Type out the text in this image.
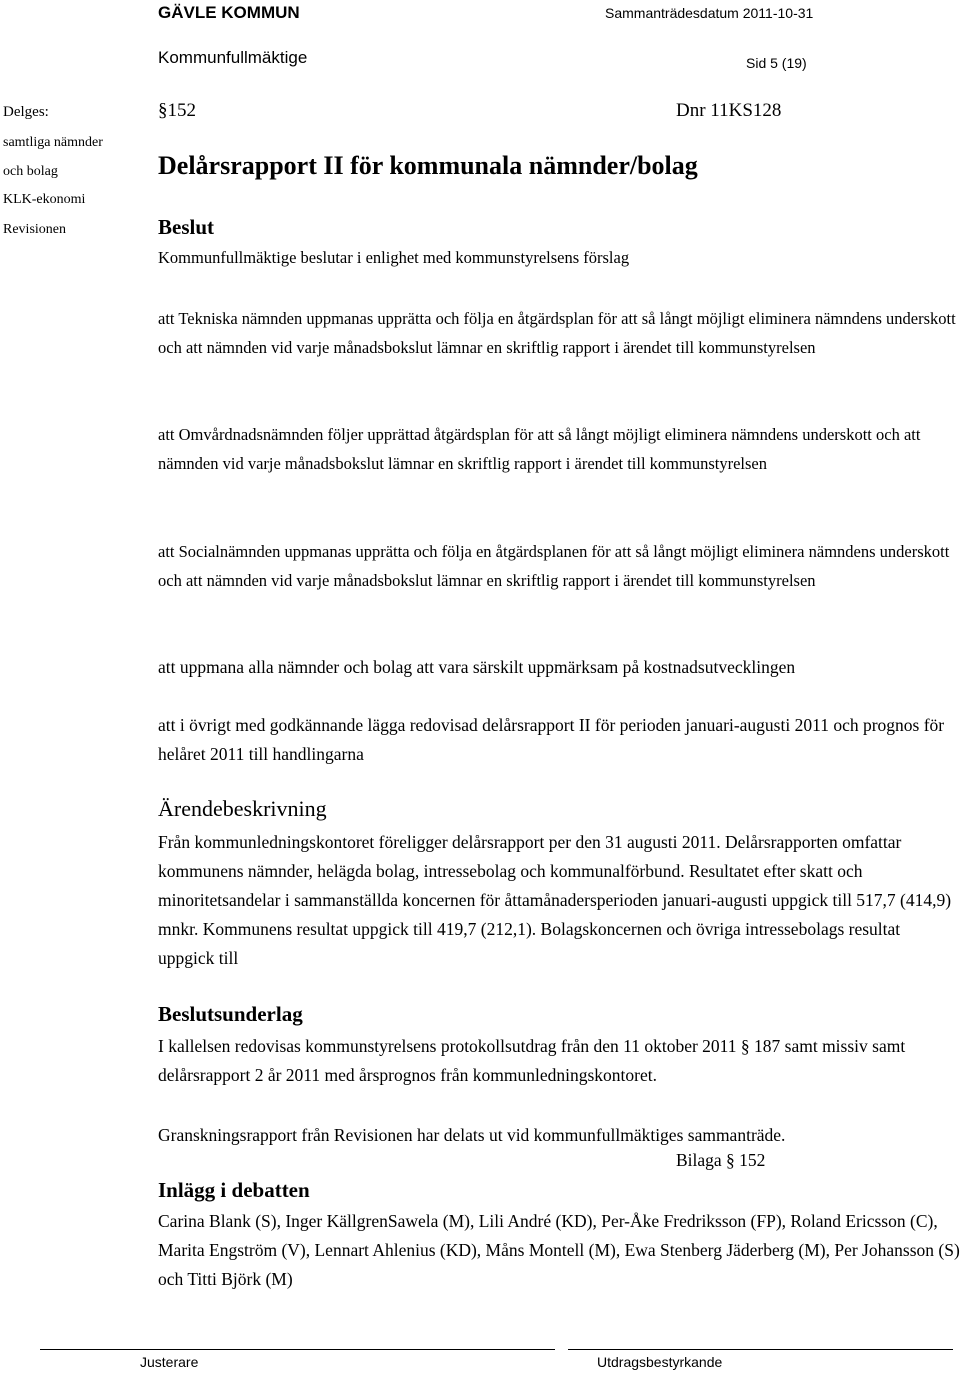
GÄVLE KOMMUN	Sammanträdesdatum 2011-10-31
Kommunfullmäktige	Sid 5 (19)
Delges:
samtliga nämnder
och bolag
KLK-ekonomi
Revisionen
§152	Dnr 11KS128
Delårsrapport II för kommunala nämnder/bolag
Beslut

Kommunfullmäktige beslutar i enlighet med kommunstyrelsens förslag

att Tekniska nämnden uppmanas upprätta och följa en åtgärdsplan för att så långt möjligt eliminera nämndens underskott och att nämnden vid varje månadsbokslut lämnar en skriftlig rapport i ärendet till kommunstyrelsen

att Omvårdnadsnämnden följer upprättad åtgärdsplan för att så långt möjligt eliminera nämndens underskott och att nämnden vid varje månadsbokslut lämnar en skriftlig rapport i ärendet till kommunstyrelsen

att Socialnämnden uppmanas upprätta och följa en åtgärdsplanen för att så långt möjligt eliminera nämndens underskott och att nämnden vid varje månadsbokslut lämnar en skriftlig rapport i ärendet till kommunstyrelsen

att uppmana alla nämnder och bolag att vara särskilt uppmärksam på kostnadsutvecklingen

att i övrigt med godkännande lägga redovisad delårsrapport II för perioden januari-augusti 2011 och prognos för helåret 2011 till handlingarna

Ärendebeskrivning

Från kommunledningskontoret föreligger delårsrapport per den 31 augusti 2011. Delårsrapporten omfattar kommunens nämnder, helägda bolag, intressebolag och kommunalförbund. Resultatet efter skatt och minoritetsandelar i sammanställda koncernen för åttamånadersperioden januari-augusti uppgick till 517,7 (414,9) mnkr. Kommunens resultat uppgick till 419,7 (212,1). Bolagskoncernen och övriga intressebolags resultat uppgick till

Beslutsunderlag

I kallelsen redovisas kommunstyrelsens protokollsutdrag från den 11 oktober 2011 § 187 samt missiv samt delårsrapport 2 år 2011 med årsprognos från kommunledningskontoret.

Granskningsrapport från Revisionen har delats ut vid kommunfullmäktiges sammanträde.

Bilaga § 152
Inlägg i debatten

Carina Blank (S), Inger KällgrenSawela (M), Lili André (KD), Per-Åke Fredriksson (FP), Roland Ericsson (C), Marita Engström (V), Lennart Ahlenius (KD), Måns Montell (M), Ewa Stenberg Jäderberg (M), Per Johansson (S) och Titti Björk (M)

Justerare	Utdragsbestyrkande
